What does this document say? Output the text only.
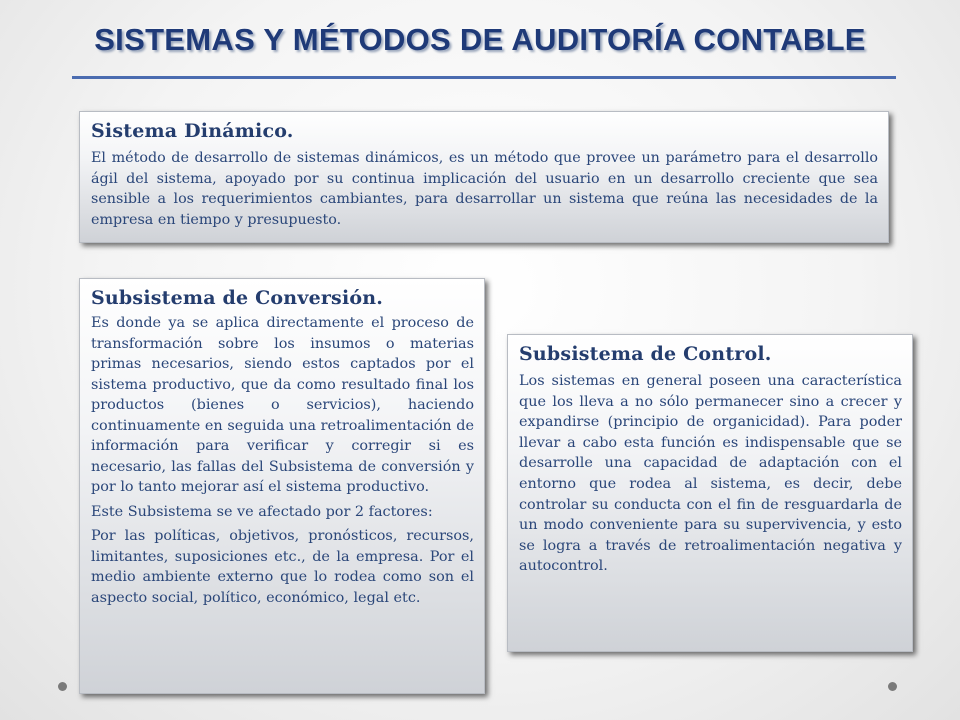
SISTEMAS Y MÉTODOS DE AUDITORÍA CONTABLE
Sistema Dinámico.

El método de desarrollo de sistemas dinámicos, es un método que provee un parámetro para el desarrollo ágil del sistema, apoyado por su continua implicación del usuario en un desarrollo creciente que sea sensible a los requerimientos cambiantes, para desarrollar un sistema que reúna las necesidades de la empresa en tiempo y presupuesto.

Subsistema de Conversión.

Es donde ya se aplica directamente el proceso de transformación sobre los insumos o materias primas necesarios, siendo estos captados por el sistema productivo, que da como resultado final los productos (bienes o servicios), haciendo continuamente en seguida una retroalimentación de información para verificar y corregir si es necesario, las fallas del Subsistema de conversión y por lo tanto mejorar así el sistema productivo.

Este Subsistema se ve afectado por 2 factores:

Por las políticas, objetivos, pronósticos, recursos, limitantes, suposiciones etc., de la empresa. Por el medio ambiente externo que lo rodea como son el aspecto social, político, económico, legal etc.

Subsistema de Control.

Los sistemas en general poseen una característica que los lleva a no sólo permanecer sino a crecer y expandirse (principio de organicidad). Para poder llevar a cabo esta función es indispensable que se desarrolle una capacidad de adaptación con el entorno que rodea al sistema, es decir, debe controlar su conducta con el fin de resguardarla de un modo conveniente para su supervivencia, y esto se logra a través de retroalimentación negativa y autocontrol.
